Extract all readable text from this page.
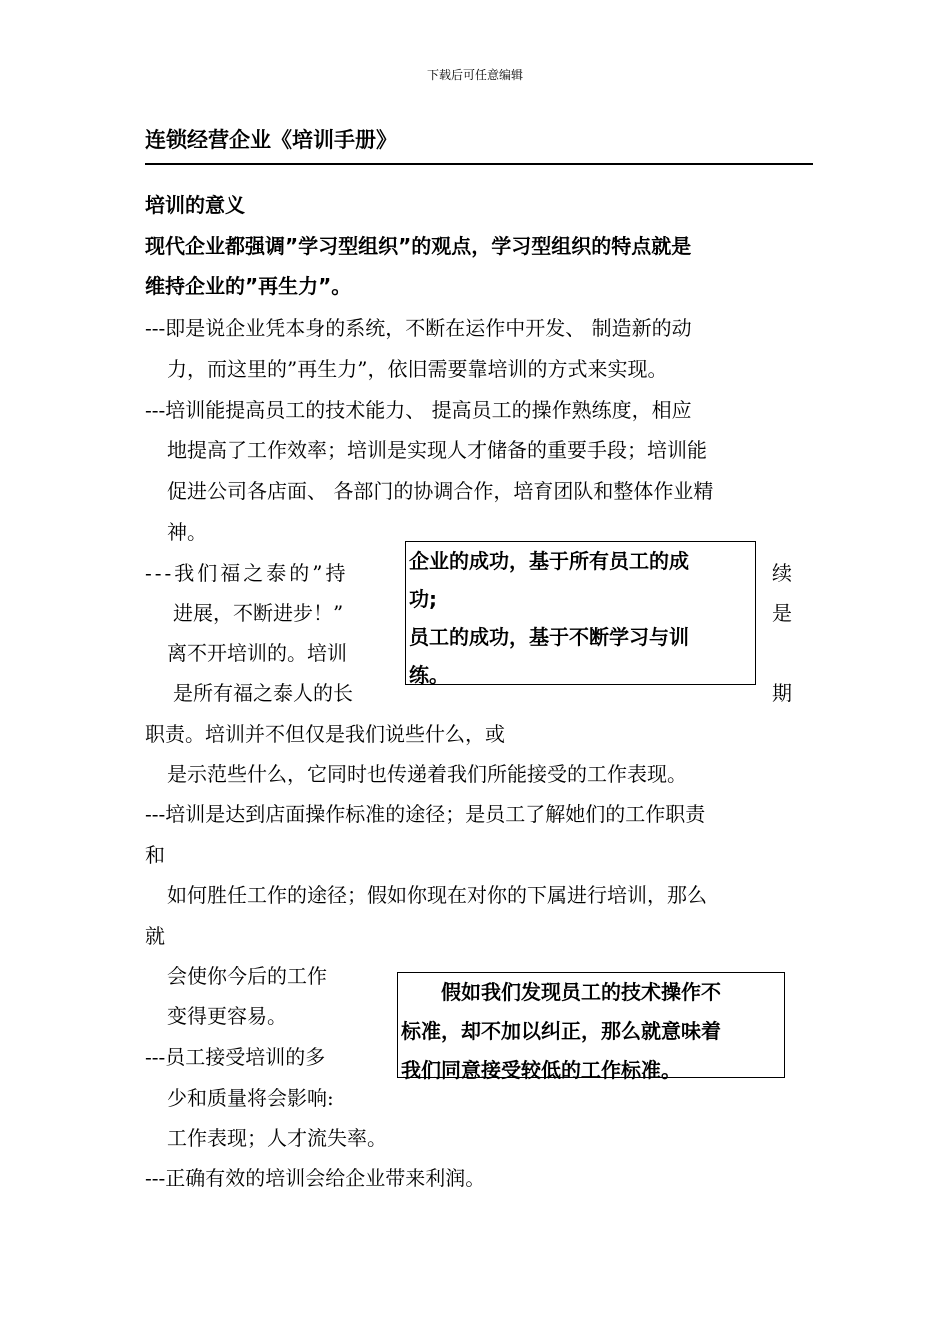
下载后可任意编辑
连锁经营企业《培训手册》
培训的意义
现代企业都强调”学习型组织”的观点，学习型组织的特点就是
维持企业的”再生力”。
---即是说企业凭本身的系统，不断在运作中开发、 制造新的动
力，而这里的”再生力”，依旧需要靠培训的方式来实现。
---培训能提高员工的技术能力、 提高员工的操作熟练度，相应
地提高了工作效率；培训是实现人才储备的重要手段；培训能
促进公司各店面、 各部门的协调合作，培育团队和整体作业精
神。
---我们福之泰的”持
进展，不断进步！”
离不开培训的。培训
是所有福之泰人的长
续
是
期
企业的成功，基于所有员工的成
功;
员工的成功，基于不断学习与训
练。
职责。培训并不但仅是我们说些什么，或
是示范些什么，它同时也传递着我们所能接受的工作表现。
---培训是达到店面操作标准的途径；是员工了解她们的工作职责
和
如何胜任工作的途径；假如你现在对你的下属进行培训，那么
就
会使你今后的工作
变得更容易。
---员工接受培训的多
少和质量将会影响:
工作表现；人才流失率。
　　假如我们发现员工的技术操作不
标准，却不加以纠正，那么就意味着
我们同意接受较低的工作标准。
---正确有效的培训会给企业带来利润。
